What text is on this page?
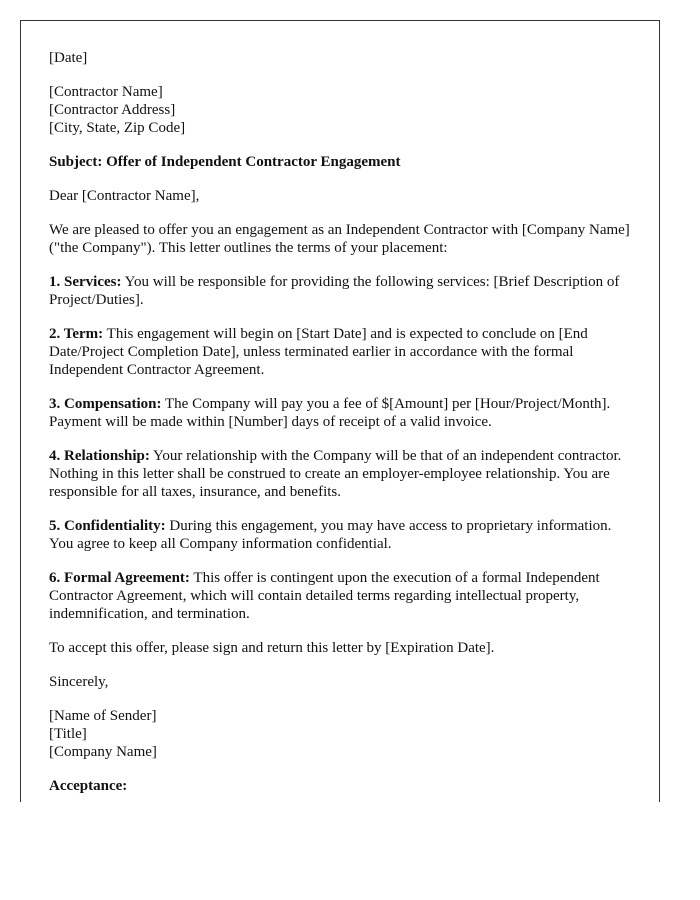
[Date]

[Contractor Name]
[Contractor Address]
[City, State, Zip Code]

Subject: Offer of Independent Contractor Engagement

Dear [Contractor Name],

We are pleased to offer you an engagement as an Independent Contractor with [Company Name] ("the Company"). This letter outlines the terms of your placement:

1. Services: You will be responsible for providing the following services: [Brief Description of Project/Duties].

2. Term: This engagement will begin on [Start Date] and is expected to conclude on [End Date/Project Completion Date], unless terminated earlier in accordance with the formal Independent Contractor Agreement.

3. Compensation: The Company will pay you a fee of $[Amount] per [Hour/Project/Month]. Payment will be made within [Number] days of receipt of a valid invoice.

4. Relationship: Your relationship with the Company will be that of an independent contractor. Nothing in this letter shall be construed to create an employer-employee relationship. You are responsible for all taxes, insurance, and benefits.

5. Confidentiality: During this engagement, you may have access to proprietary information. You agree to keep all Company information confidential.

6. Formal Agreement: This offer is contingent upon the execution of a formal Independent Contractor Agreement, which will contain detailed terms regarding intellectual property, indemnification, and termination.

To accept this offer, please sign and return this letter by [Expiration Date].

Sincerely,

[Name of Sender]
[Title]
[Company Name]

Acceptance:
